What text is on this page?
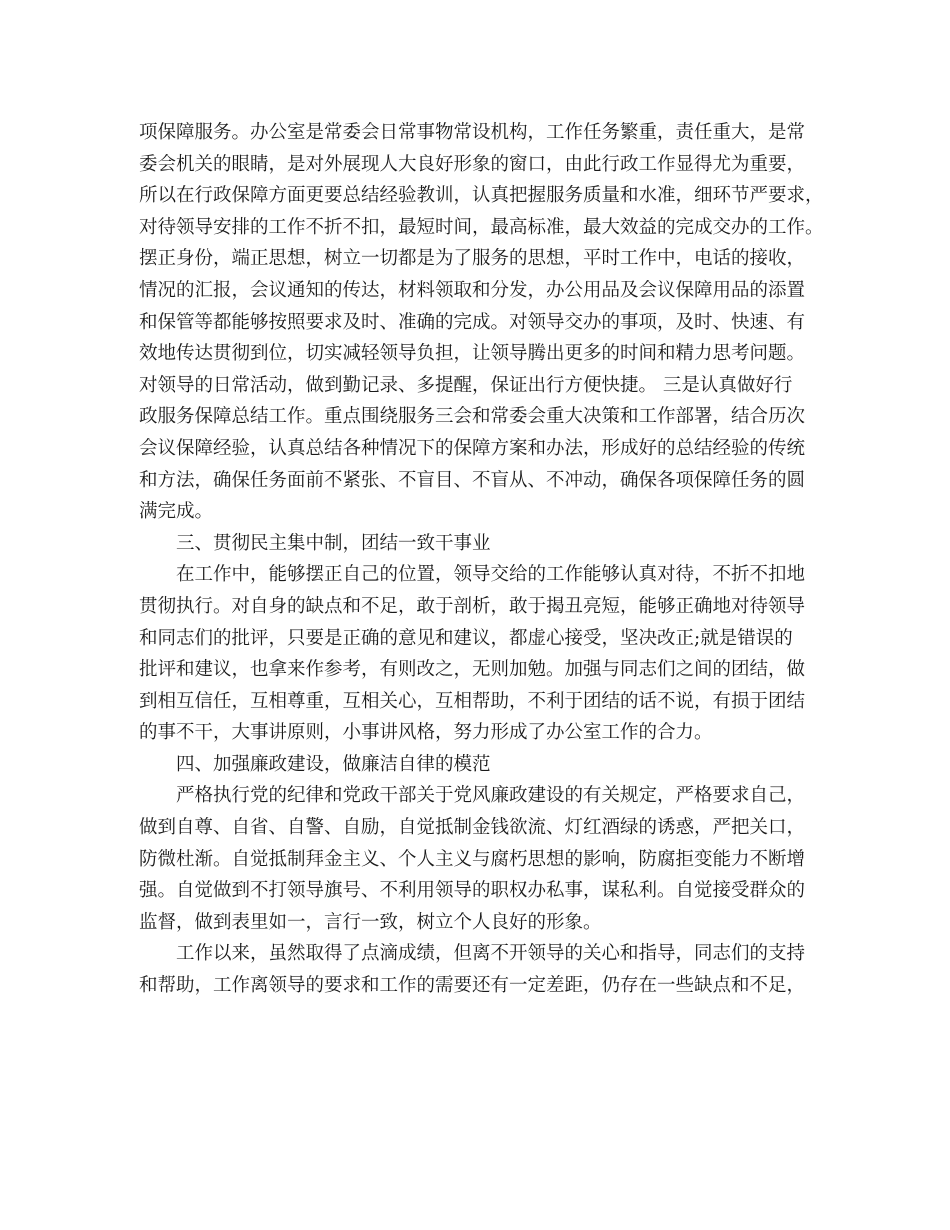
项保障服务。办公室是常委会日常事物常设机构，工作任务繁重，责任重大，是常
委会机关的眼睛，是对外展现人大良好形象的窗口，由此行政工作显得尤为重要，
所以在行政保障方面更要总结经验教训，认真把握服务质量和水准，细环节严要求，
对待领导安排的工作不折不扣，最短时间，最高标准，最大效益的完成交办的工作。
摆正身份，端正思想，树立一切都是为了服务的思想，平时工作中，电话的接收，
情况的汇报，会议通知的传达，材料领取和分发，办公用品及会议保障用品的添置
和保管等都能够按照要求及时、准确的完成。对领导交办的事项，及时、快速、有
效地传达贯彻到位，切实减轻领导负担，让领导腾出更多的时间和精力思考问题。
对领导的日常活动，做到勤记录、多提醒，保证出行方便快捷。 三是认真做好行
政服务保障总结工作。重点围绕服务三会和常委会重大决策和工作部署，结合历次
会议保障经验，认真总结各种情况下的保障方案和办法，形成好的总结经验的传统
和方法，确保任务面前不紧张、不盲目、不盲从、不冲动，确保各项保障任务的圆
满完成。
三、贯彻民主集中制，团结一致干事业
在工作中，能够摆正自己的位置，领导交给的工作能够认真对待，不折不扣地
贯彻执行。对自身的缺点和不足，敢于剖析，敢于揭丑亮短，能够正确地对待领导
和同志们的批评，只要是正确的意见和建议，都虚心接受，坚决改正;就是错误的
批评和建议，也拿来作参考，有则改之，无则加勉。加强与同志们之间的团结，做
到相互信任，互相尊重，互相关心，互相帮助，不利于团结的话不说，有损于团结
的事不干，大事讲原则，小事讲风格，努力形成了办公室工作的合力。
四、加强廉政建设，做廉洁自律的模范
严格执行党的纪律和党政干部关于党风廉政建设的有关规定，严格要求自己，
做到自尊、自省、自警、自励，自觉抵制金钱欲流、灯红酒绿的诱惑，严把关口，
防微杜渐。自觉抵制拜金主义、个人主义与腐朽思想的影响，防腐拒变能力不断增
强。自觉做到不打领导旗号、不利用领导的职权办私事，谋私利。自觉接受群众的
监督，做到表里如一，言行一致，树立个人良好的形象。
工作以来，虽然取得了点滴成绩，但离不开领导的关心和指导，同志们的支持
和帮助，工作离领导的要求和工作的需要还有一定差距，仍存在一些缺点和不足，
